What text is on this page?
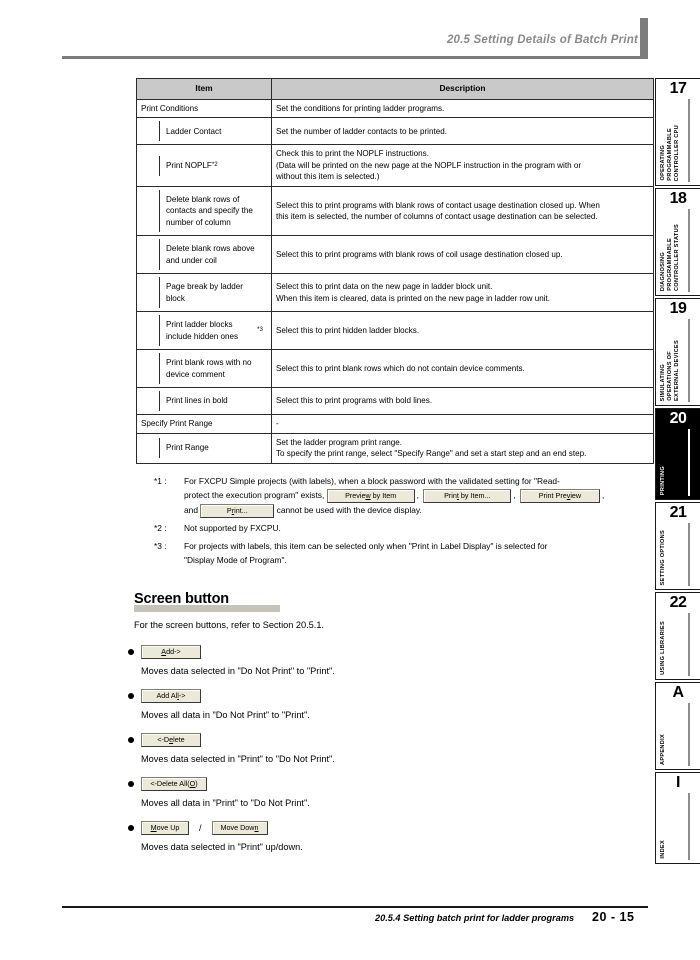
20.5 Setting Details of Batch Print
Item	Description
Print Conditions	Set the conditions for printing ladder programs.

Ladder Contact	Set the number of ladder contacts to be printed.

Print NOPLF *2	Check this to print the NOPLF instructions.
(Data will be printed on the new page at the NOPLF instruction in the program with or
without this item is selected.)

Delete blank rows of contacts and specify the number of column	Select this to print programs with blank rows of contact usage destination closed up. When
this item is selected, the number of columns of contact usage destination can be selected.

Delete blank rows above and under coil	Select this to print programs with blank rows of coil usage destination closed up.

Page break by ladder block	Select this to print data on the new page in ladder block unit.
When this item is cleared, data is printed on the new page in ladder row unit.

Print ladder blocks include hidden ones
*3	Select this to print hidden ladder blocks.

Print blank rows with no device comment	Select this to print blank rows which do not contain device comments.

Print lines in bold	Select this to print programs with bold lines.

Specify Print Range	-

Print Range	Set the ladder program print range.
To specify the print range, select "Specify Range" and set a start step and an end step.
*1 :	For FXCPU Simple projects (with labels), when a block password with the validated setting for "Read-
protect the execution program" exists,	Preview by Item ,	Print by Item...	,	Print Preview ,
and	Print...	cannot be used with the device display.
*2 :	Not supported by FXCPU.
*3 :	For projects with labels, this item can be selected only when "Print in Label Display" is selected for
"Display Mode of Program".
Screen button
For the screen buttons, refer to Section 20.5.1.
Add->
Moves data selected in "Do Not Print" to "Print".
Add All->
Moves all data in "Do Not Print" to "Print".
<-Delete
Moves data selected in "Print" to "Do Not Print".
<-Delete All(O)
Moves all data in "Print" to "Do Not Print".
Move Up	/	Move Down
Moves data selected in "Print" up/down.
17
OPERATING PROGRAMMABLE CONTROLLER CPU
18
DIAGNOSING PROGRAMMABLE CONTROLLER STATUS
19
SIMULATING OPERATIONS OF EXTERNAL DEVICES
20
PRINTING
21
SETTING OPTIONS
22
USING LIBRARIES
A
APPENDIX
I
INDEX
20.5.4 Setting batch print for ladder programs 20 - 15
